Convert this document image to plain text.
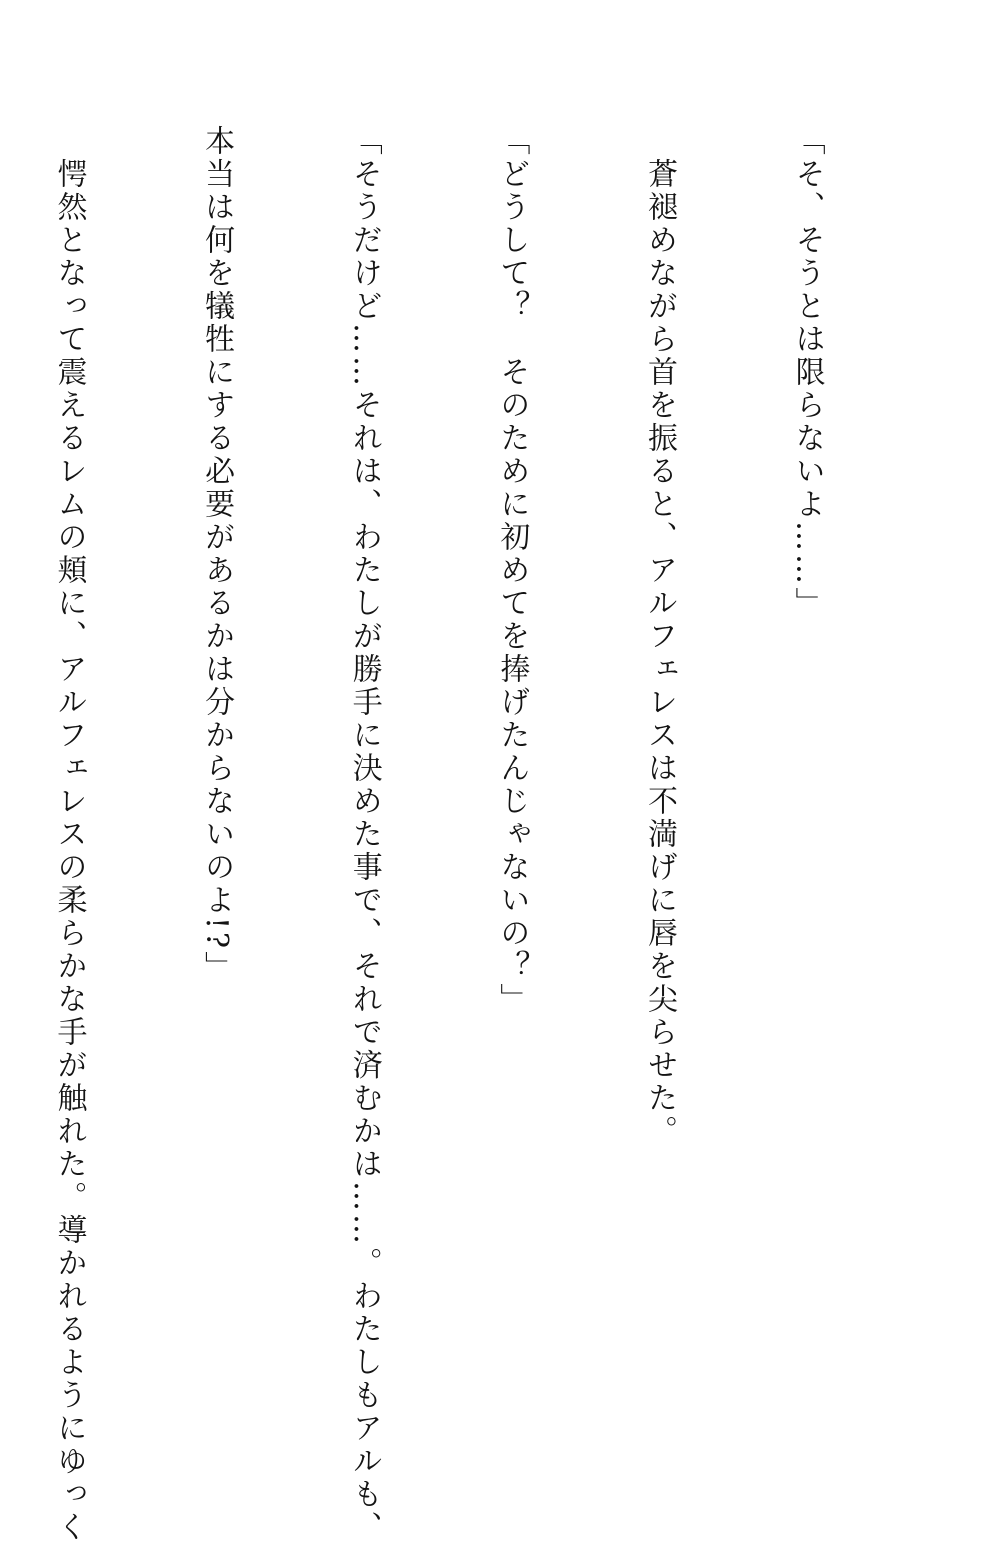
「そ、そうとは限らないよ……」

　蒼褪めながら首を振ると、アルフェレスは不満げに唇を尖らせた。

「どうして？　そのために初めてを捧げたんじゃないの？」

「そうだけど……それは、わたしが勝手に決めた事で、それで済むかは……。わたしもアルも、

本当は何を犠牲にする必要があるかは分からないのよ!?」

　愕然となって震えるレムの頬に、アルフェレスの柔らかな手が触れた。導かれるようにゆっく
